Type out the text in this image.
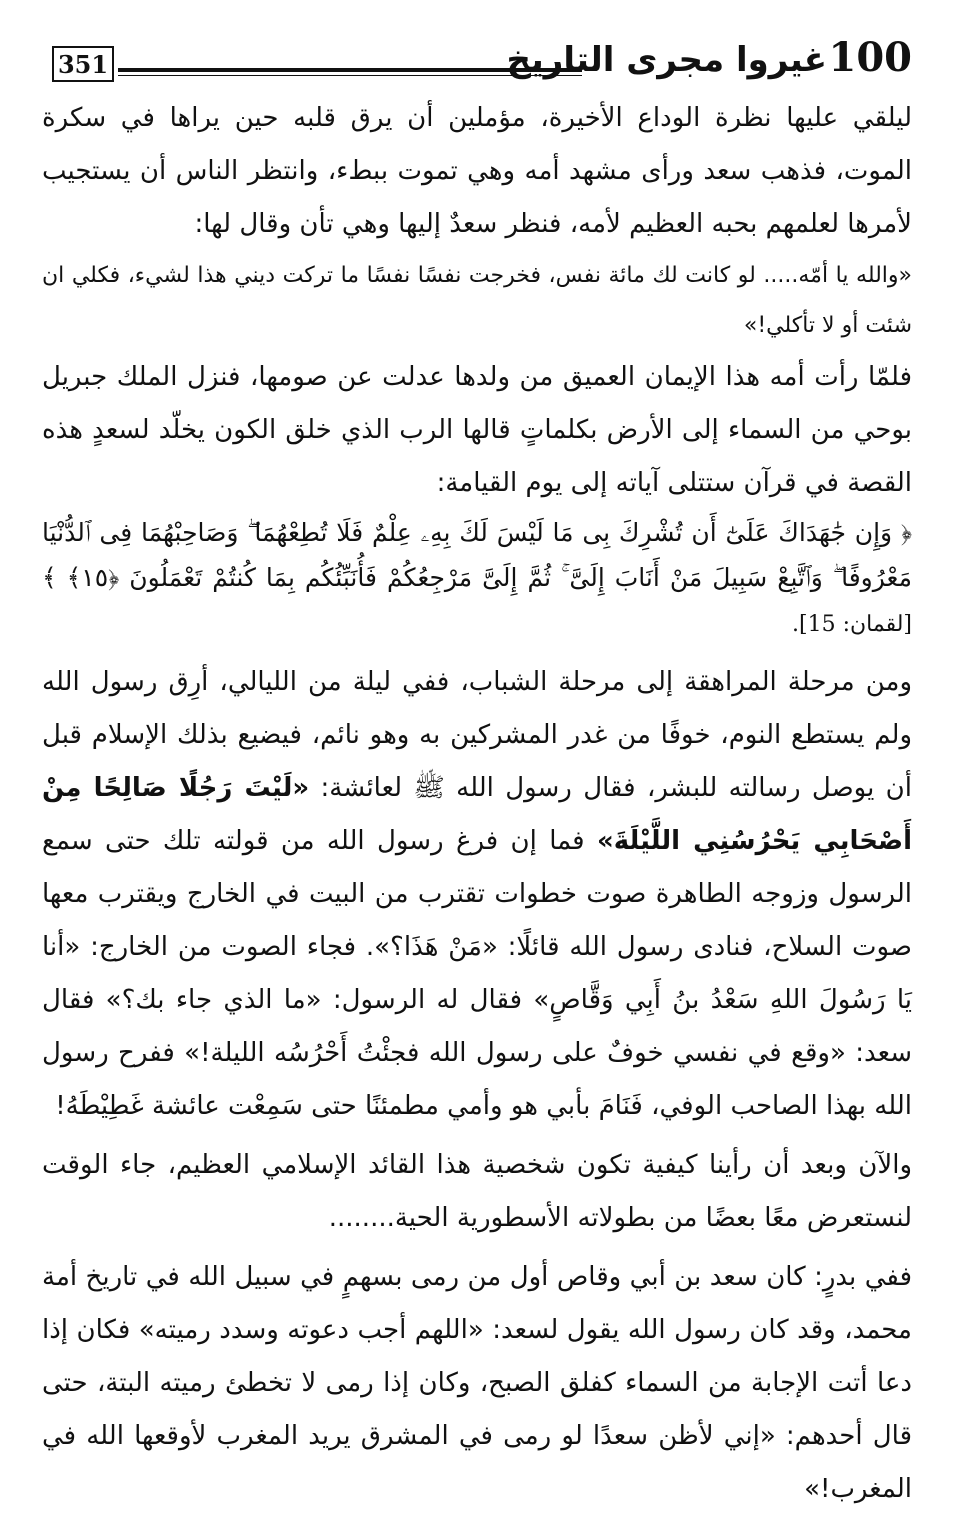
351	غيروا مجرى التاريخ 100

ليلقي عليها نظرة الوداع الأخيرة، مؤملين أن يرق قلبه حين يراها في سكرة الموت، فذهب سعد ورأى مشهد أمه وهي تموت ببطء، وانتظر الناس أن يستجيب لأمرها لعلمهم بحبه العظيم لأمه، فنظر سعدٌ إليها وهي تأن وقال لها:

«والله يا أمّه..... لو كانت لك مائة نفس، فخرجت نفسًا نفسًا ما تركت ديني هذا لشيء، فكلي ان شئت أو لا تأكلي!»

فلمّا رأت أمه هذا الإيمان العميق من ولدها عدلت عن صومها، فنزل الملك جبريل بوحي من السماء إلى الأرض بكلماتٍ قالها الرب الذي خلق الكون يخلّد لسعدٍ هذه القصة في قرآن ستتلى آياته إلى يوم القيامة:

﴿ وَإِن جَٰهَدَاكَ عَلَىٰٓ أَن تُشْرِكَ بِى مَا لَيْسَ لَكَ بِهِۦ عِلْمٌ فَلَا تُطِعْهُمَا ۖ وَصَاحِبْهُمَا فِى ٱلدُّنْيَا مَعْرُوفًا ۖ وَٱتَّبِعْ سَبِيلَ مَنْ أَنَابَ إِلَىَّ ۚ ثُمَّ إِلَىَّ مَرْجِعُكُمْ فَأُنَبِّئُكُم بِمَا كُنتُمْ تَعْمَلُونَ ﴿١٥﴾ ﴾ [لقمان: 15].

ومن مرحلة المراهقة إلى مرحلة الشباب، ففي ليلة من الليالي، أرِق رسول الله ولم يستطع النوم، خوفًا من غدر المشركين به وهو نائم، فيضيع بذلك الإسلام قبل أن يوصل رسالته للبشر، فقال رسول الله ﷺ لعائشة: «لَيْتَ رَجُلًا صَالِحًا مِنْ أَصْحَابِي يَحْرُسُنِي اللَّيْلَةَ» فما إن فرغ رسول الله من قولته تلك حتى سمع الرسول وزوجه الطاهرة صوت خطوات تقترب من البيت في الخارج ويقترب معها صوت السلاح، فنادى رسول الله قائلًا: «مَنْ هَذَا؟». فجاء الصوت من الخارج: «أنا يَا رَسُولَ اللهِ سَعْدُ بنُ أَبِي وَقَّاصٍ» فقال له الرسول: «ما الذي جاء بك؟» فقال سعد: «وقع في نفسي خوفٌ على رسول الله فجئْتُ أَحْرُسُه الليلة!» ففرح رسول الله بهذا الصاحب الوفي، فَنَامَ بأبي هو وأمي مطمئنًا حتى سَمِعْت عائشة غَطِيْطَهُ!

والآن وبعد أن رأينا كيفية تكون شخصية هذا القائد الإسلامي العظيم، جاء الوقت لنستعرض معًا بعضًا من بطولاته الأسطورية الحية........

ففي بدرٍ: كان سعد بن أبي وقاص أول من رمى بسهمٍ في سبيل الله في تاريخ أمة محمد، وقد كان رسول الله يقول لسعد: «اللهم أجب دعوته وسدد رميته» فكان إذا دعا أتت الإجابة من السماء كفلق الصبح، وكان إذا رمى لا تخطئ رميته البتة، حتى قال أحدهم: «إني لأظن سعدًا لو رمى في المشرق يريد المغرب لأوقعها الله في المغرب!»
